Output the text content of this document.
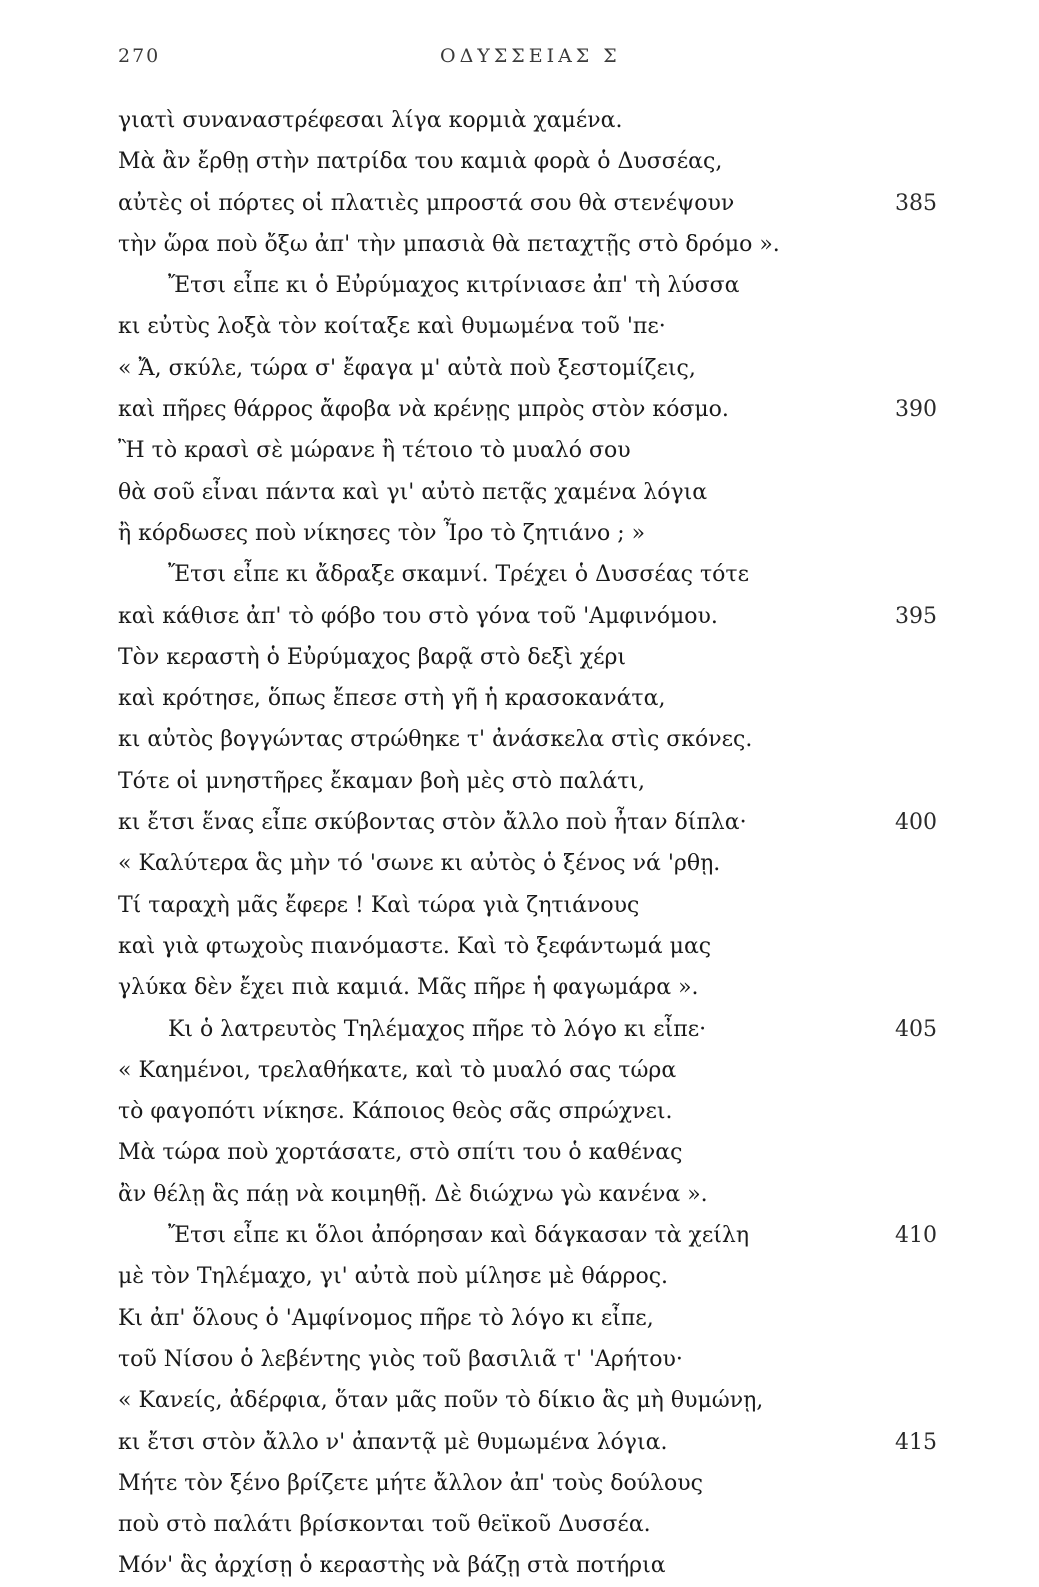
270	ΟΔΥΣΣΕΙΑΣ Σ
γιατὶ συναναστρέφεσαι λίγα κορμιὰ χαμένα.
Μὰ ἂν ἔρθῃ στὴν πατρίδα του καμιὰ φορὰ ὁ Δυσσέας,
αὐτὲς οἱ πόρτες οἱ πλατιὲς μπροστά σου θὰ στενέψουν	385
τὴν ὥρα ποὺ ὄξω ἀπ' τὴν μπασιὰ θὰ πεταχτῇς στὸ δρόμο ».
Ἔτσι εἶπε κι ὁ Εὐρύμαχος κιτρίνιασε ἀπ' τὴ λύσσα
κι εὐτὺς λοξὰ τὸν κοίταξε καὶ θυμωμένα τοῦ 'πε·
« Ἄ, σκύλε, τώρα σ' ἔφαγα μ' αὐτὰ ποὺ ξεστομίζεις,
καὶ πῆρες θάρρος ἄφοβα νὰ κρένῃς μπρὸς στὸν κόσμο.	390
Ἢ τὸ κρασὶ σὲ μώρανε ἢ τέτοιο τὸ μυαλό σου
θὰ σοῦ εἶναι πάντα καὶ γι' αὐτὸ πετᾷς χαμένα λόγια
ἢ κόρδωσες ποὺ νίκησες τὸν Ἶρο τὸ ζητιάνο ; »
Ἔτσι εἶπε κι ἄδραξε σκαμνί. Τρέχει ὁ Δυσσέας τότε
καὶ κάθισε ἀπ' τὸ φόβο του στὸ γόνα τοῦ 'Αμφινόμου.	395
Τὸν κεραστὴ ὁ Εὐρύμαχος βαρᾷ στὸ δεξὶ χέρι
καὶ κρότησε, ὅπως ἔπεσε στὴ γῆ ἡ κρασοκανάτα,
κι αὐτὸς βογγώντας στρώθηκε τ' ἀνάσκελα στὶς σκόνες.
Τότε οἱ μνηστῆρες ἔκαμαν βοὴ μὲς στὸ παλάτι,
κι ἔτσι ἕνας εἶπε σκύβοντας στὸν ἄλλο ποὺ ἦταν δίπλα·	400
« Καλύτερα ἃς μὴν τό 'σωνε κι αὐτὸς ὁ ξένος νά 'ρθῃ.
Τί ταραχὴ μᾶς ἔφερε ! Καὶ τώρα γιὰ ζητιάνους
καὶ γιὰ φτωχοὺς πιανόμαστε. Καὶ τὸ ξεφάντωμά μας
γλύκα δὲν ἔχει πιὰ καμιά. Μᾶς πῆρε ἡ φαγωμάρα ».
Κι ὁ λατρευτὸς Τηλέμαχος πῆρε τὸ λόγο κι εἶπε·	405
« Καημένοι, τρελαθήκατε, καὶ τὸ μυαλό σας τώρα
τὸ φαγοπότι νίκησε. Κάποιος θεὸς σᾶς σπρώχνει.
Μὰ τώρα ποὺ χορτάσατε, στὸ σπίτι του ὁ καθένας
ἂν θέλῃ ἃς πάῃ νὰ κοιμηθῇ. Δὲ διώχνω γὼ κανένα ».
Ἔτσι εἶπε κι ὅλοι ἀπόρησαν καὶ δάγκασαν τὰ χείλη	410
μὲ τὸν Τηλέμαχο, γι' αὐτὰ ποὺ μίλησε μὲ θάρρος.
Κι ἀπ' ὅλους ὁ 'Αμφίνομος πῆρε τὸ λόγο κι εἶπε,
τοῦ Νίσου ὁ λεβέντης γιὸς τοῦ βασιλιᾶ τ' 'Αρήτου·
« Κανείς, ἀδέρφια, ὅταν μᾶς ποῦν τὸ δίκιο ἃς μὴ θυμώνῃ,
κι ἔτσι στὸν ἄλλο ν' ἀπαντᾷ μὲ θυμωμένα λόγια.	415
Μήτε τὸν ξένο βρίζετε μήτε ἄλλον ἀπ' τοὺς δούλους
ποὺ στὸ παλάτι βρίσκονται τοῦ θεϊκοῦ Δυσσέα.
Μόν' ἃς ἀρχίσῃ ὁ κεραστὴς νὰ βάζῃ στὰ ποτήρια
